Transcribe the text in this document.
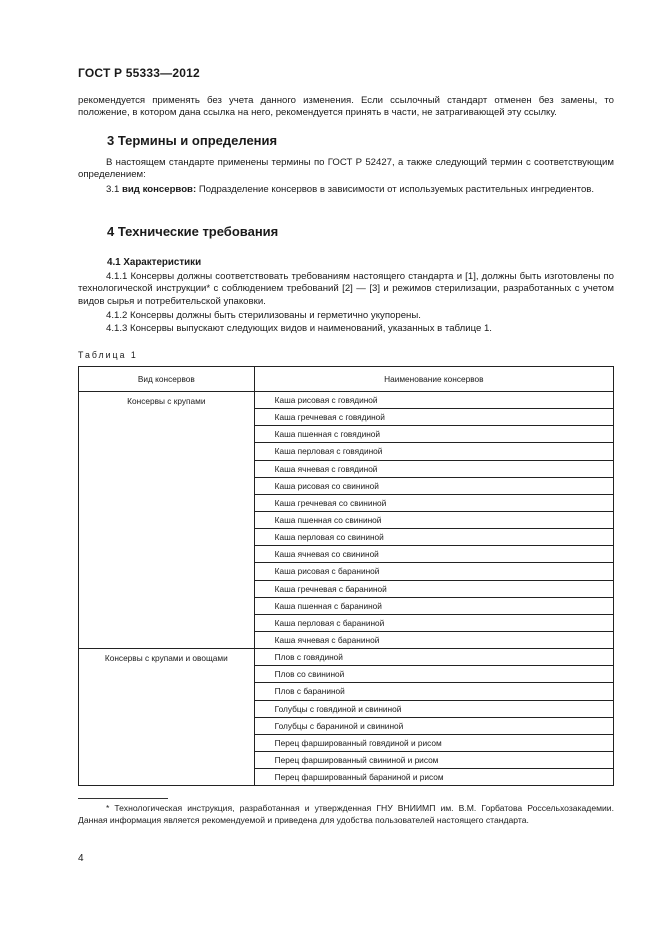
ГОСТ Р 55333—2012
рекомендуется применять без учета данного изменения. Если ссылочный стандарт отменен без замены, то положение, в котором дана ссылка на него, рекомендуется принять в части, не затрагивающей эту ссылку.
3 Термины и определения
В настоящем стандарте применены термины по ГОСТ Р 52427, а также следующий термин с соответствующим определением:
3.1 вид консервов: Подразделение консервов в зависимости от используемых растительных ингредиентов.
4 Технические требования
4.1 Характеристики
4.1.1 Консервы должны соответствовать требованиям настоящего стандарта и [1], должны быть изготовлены по технологической инструкции* с соблюдением требований [2] — [3] и режимов стерилизации, разработанных с учетом видов сырья и потребительской упаковки.
4.1.2 Консервы должны быть стерилизованы и герметично укупорены.
4.1.3 Консервы выпускают следующих видов и наименований, указанных в таблице 1.
Таблица 1
Вид консервов	Наименование консервов
Консервы с крупами	Каша рисовая с говядиной
	Каша гречневая с говядиной
	Каша пшенная с говядиной
	Каша перловая с говядиной
	Каша ячневая с говядиной
	Каша рисовая со свининой
	Каша гречневая со свининой
	Каша пшенная со свининой
	Каша перловая со свининой
	Каша ячневая со свининой
	Каша рисовая с бараниной
	Каша гречневая с бараниной
	Каша пшенная с бараниной
	Каша перловая с бараниной
	Каша ячневая с бараниной
Консервы с крупами и овощами	Плов с говядиной
	Плов со свининой
	Плов с бараниной
	Голубцы с говядиной и свининой
	Голубцы с бараниной и свининой
	Перец фаршированный говядиной и рисом
	Перец фаршированный свининой и рисом
	Перец фаршированный бараниной и рисом
* Технологическая инструкция, разработанная и утвержденная ГНУ ВНИИМП им. В.М. Горбатова Россельхозакадемии. Данная информация является рекомендуемой и приведена для удобства пользователей настоящего стандарта.
4
